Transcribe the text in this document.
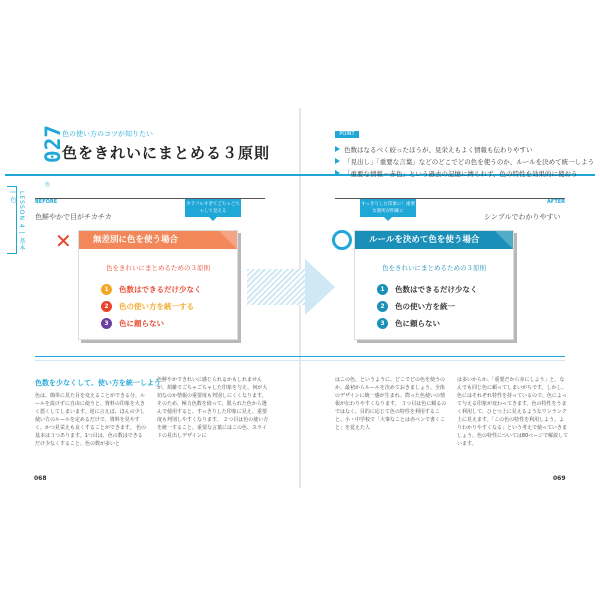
LESSON 4 | 基本 | 色
027
色の使い方のコツが知りたい
色をきれいにまとめる３原則
色
POINT
色数はなるべく絞ったほうが、見栄えもよく情報も伝わりやすい
「見出し」「重要な言葉」などのどこでどの色を使うのか、ルールを決めて統一しよう
「重要な情報＝赤色」という過去の記憶に縛られず、色の特性を効果的に使おう
BEFORE	AFTER
色鮮やかで目がチカチカ	シンプルでわかりやすい
カラフルすぎてごちゃごちゃして見える
すっきりした印象に！重要な箇所が明確に
✕	無差別に色を使う場合
色をきれいにまとめるための３原則
1	色数はできるだけ少なく
2	色の使い方を統一する
3	色に頼らない
ルールを決めて色を使う場合
色をきれいにまとめるための３原則
1	色数はできるだけ少なく
2	色の使い方を統一
3	色に頼らない
色数を少なくして、使い方を統一しよう
色は、簡単に見た目を変えることができる分、ルールを設けずに自由に使うと、資料の印象を大きく悪くしてしまいます。逆に言えば、ほんの少し使い方のルールを定めるだけで、資料を見やすく、かつ見栄えも良くすることができます。 色の基本は３つあります。1つ目は、色の数はできるだけ少なくすること。色の数が多いと
色鮮やかできれいに感じられるかもしれませんが、煩雑でごちゃごちゃした印象を与え、何が大切なのか情報の重要度も判別しにくくなります。そのため、極力色数を絞って、限られた色から選んで使用すると、すっきりした印象に見え、重要度も判別しやすくなります。 ２つ目は色の使い方を統一すること。重要な言葉にはこの色、スライドの見出しデザインに
はこの色、というように、どこでどの色を使うのか、最初からルールを決めておきましょう。全体のデザインに統一感が生まれ、際った色使いの情報が伝わりやすくなります。 ３つ目は色に頼るのではなく、目的に応じて色の特性を利用すること。小・中学校で「大事なことは赤ペンで書くこと」を覚えた人
は多いからか、「重要だから赤にしよう」と、なんでも同じ色に頼ってしまいがちです。しかし、色にはそれぞれ特性を持っているので、色によって与える印象が変わってきます。色の特性をうまく利用して、ひとつ上に見えるようなワンランク上に見えます。「この色の特性を利用しよう。よりわかりやすくなる」という考えで使っていきましょう。色の特性については80ページで解説しています。
068	069
